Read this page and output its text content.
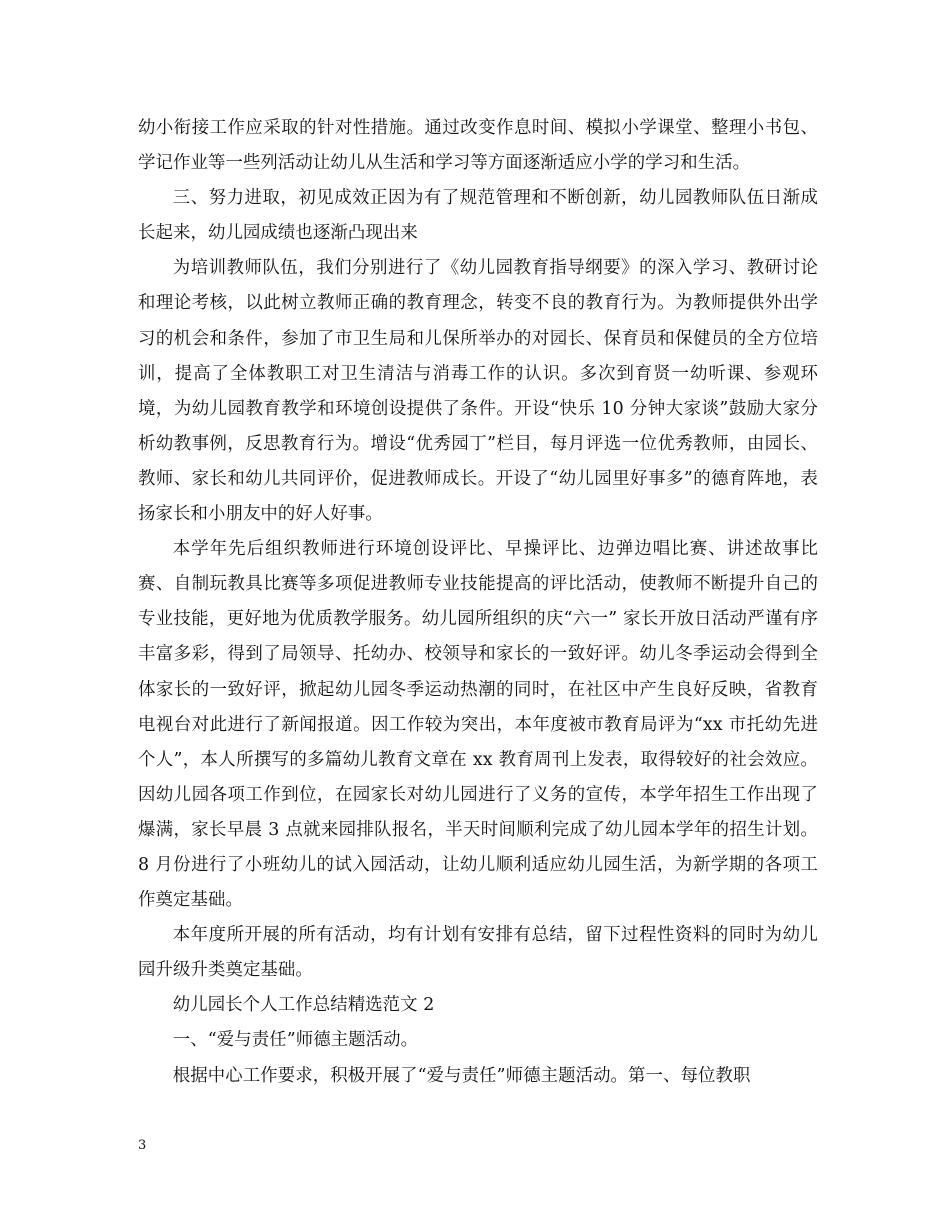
幼小衔接工作应采取的针对性措施。通过改变作息时间、模拟小学课堂、整理小书包、学记作业等一些列活动让幼儿从生活和学习等方面逐渐适应小学的学习和生活。

三、努力进取，初见成效正因为有了规范管理和不断创新，幼儿园教师队伍日渐成长起来，幼儿园成绩也逐渐凸现出来

为培训教师队伍，我们分别进行了《幼儿园教育指导纲要》的深入学习、教研讨论和理论考核，以此树立教师正确的教育理念，转变不良的教育行为。为教师提供外出学习的机会和条件，参加了市卫生局和儿保所举办的对园长、保育员和保健员的全方位培训，提高了全体教职工对卫生清洁与消毒工作的认识。多次到育贤一幼听课、参观环境，为幼儿园教育教学和环境创设提供了条件。开设“快乐 10 分钟大家谈”鼓励大家分析幼教事例，反思教育行为。增设“优秀园丁”栏目，每月评选一位优秀教师，由园长、教师、家长和幼儿共同评价，促进教师成长。开设了“幼儿园里好事多”的德育阵地，表扬家长和小朋友中的好人好事。

本学年先后组织教师进行环境创设评比、早操评比、边弹边唱比赛、讲述故事比赛、自制玩教具比赛等多项促进教师专业技能提高的评比活动，使教师不断提升自己的专业技能，更好地为优质教学服务。幼儿园所组织的庆“六一” 家长开放日活动严谨有序丰富多彩，得到了局领导、托幼办、校领导和家长的一致好评。幼儿冬季运动会得到全体家长的一致好评，掀起幼儿园冬季运动热潮的同时，在社区中产生良好反映，省教育电视台对此进行了新闻报道。因工作较为突出，本年度被市教育局评为“xx 市托幼先进个人”，本人所撰写的多篇幼儿教育文章在 xx 教育周刊上发表，取得较好的社会效应。因幼儿园各项工作到位，在园家长对幼儿园进行了义务的宣传，本学年招生工作出现了爆满，家长早晨 3 点就来园排队报名，半天时间顺利完成了幼儿园本学年的招生计划。8 月份进行了小班幼儿的试入园活动，让幼儿顺利适应幼儿园生活，为新学期的各项工作奠定基础。

本年度所开展的所有活动，均有计划有安排有总结，留下过程性资料的同时为幼儿园升级升类奠定基础。

幼儿园长个人工作总结精选范文 2

一、“爱与责任”师德主题活动。

根据中心工作要求，积极开展了“爱与责任”师德主题活动。第一、每位教职

3
